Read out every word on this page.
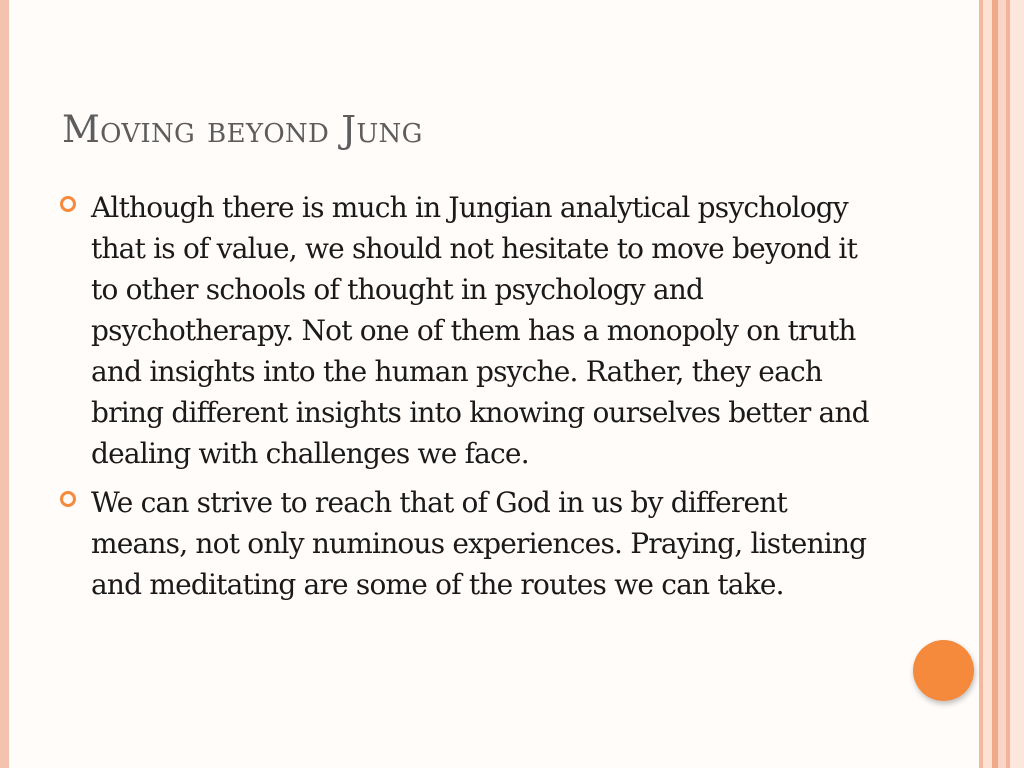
Moving beyond Jung
Although there is much in Jungian analytical psychology that is of value, we should not hesitate to move beyond it to other schools of thought in psychology and psychotherapy. Not one of them has a monopoly on truth and insights into the human psyche. Rather, they each bring different insights into knowing ourselves better and dealing with challenges we face.
We can strive to reach that of God in us by different means, not only numinous experiences. Praying, listening and meditating are some of the routes we can take.
